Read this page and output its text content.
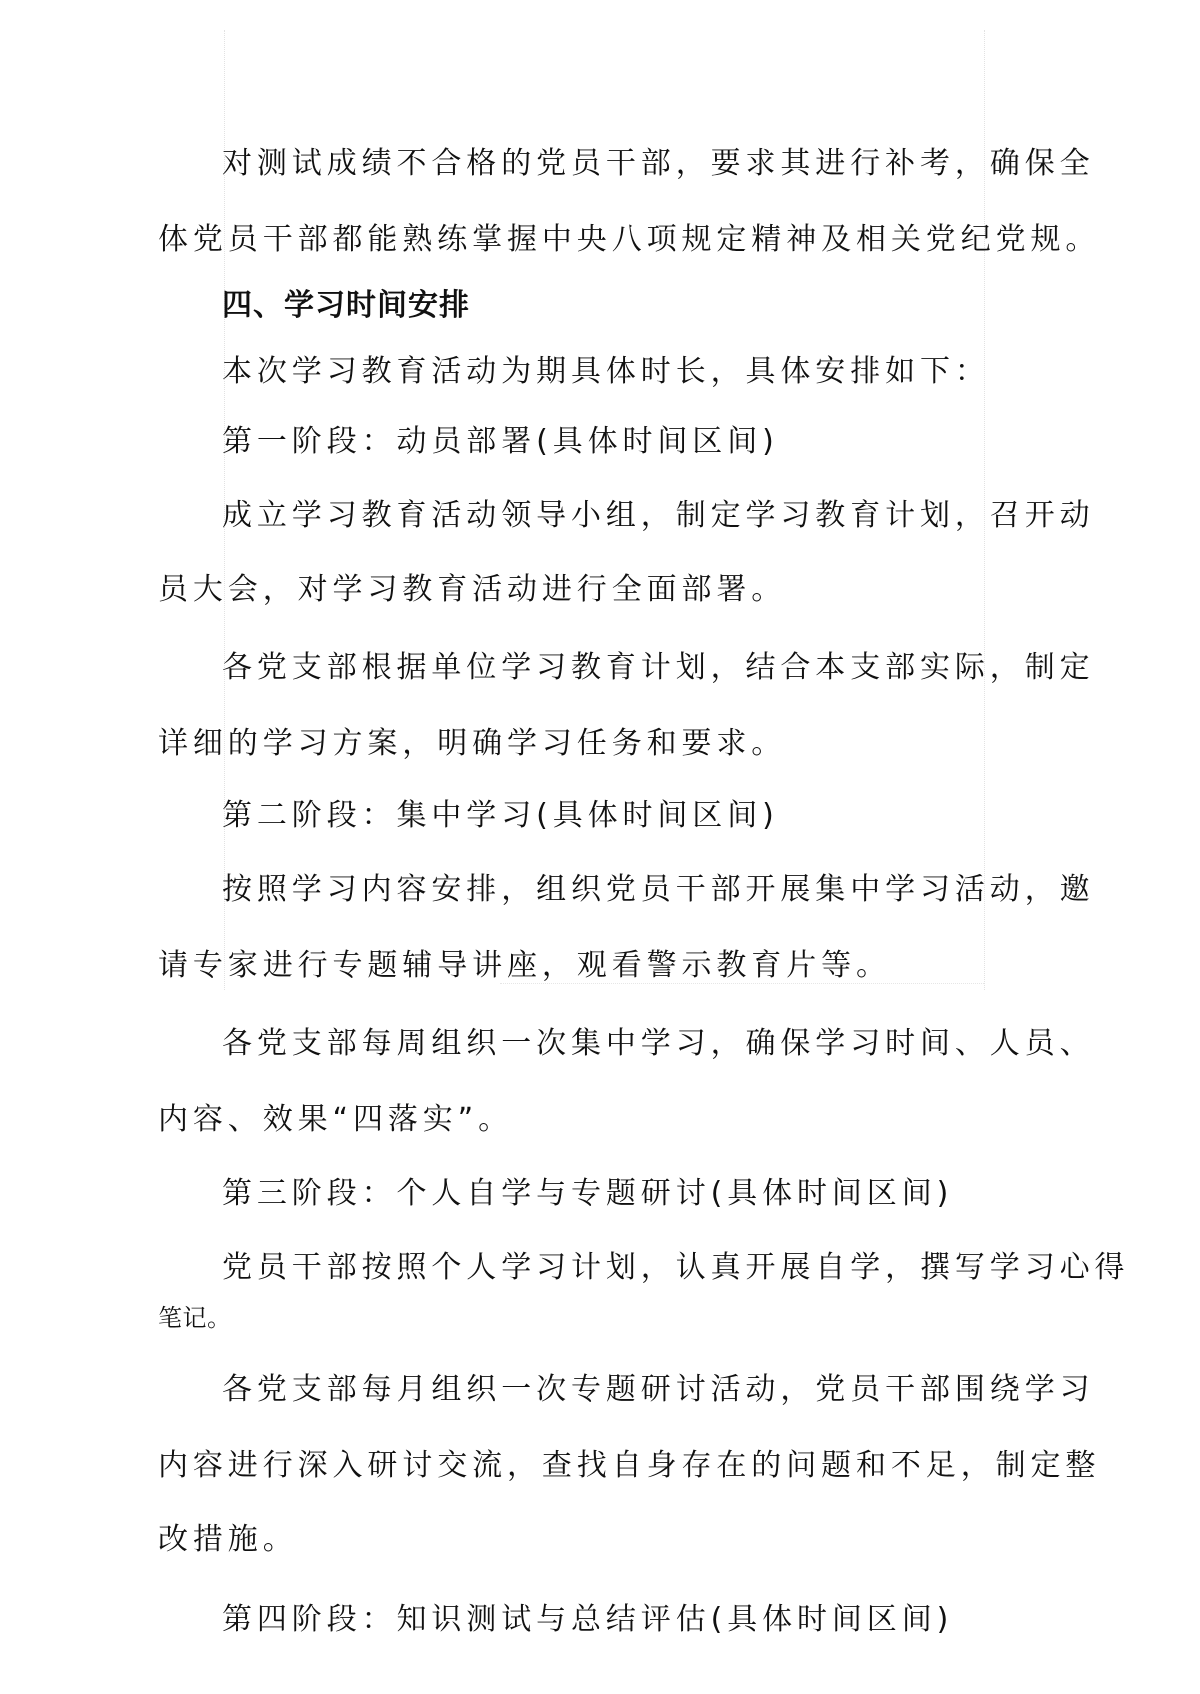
对测试成绩不合格的党员干部，要求其进行补考，确保全

体党员干部都能熟练掌握中央八项规定精神及相关党纪党规。

四、学习时间安排

本次学习教育活动为期具体时长，具体安排如下：

第一阶段：动员部署(具体时间区间)

成立学习教育活动领导小组，制定学习教育计划，召开动

员大会，对学习教育活动进行全面部署。

各党支部根据单位学习教育计划，结合本支部实际，制定

详细的学习方案，明确学习任务和要求。

第二阶段：集中学习(具体时间区间)

按照学习内容安排，组织党员干部开展集中学习活动，邀

请专家进行专题辅导讲座，观看警示教育片等。

各党支部每周组织一次集中学习，确保学习时间、人员、

内容、效果“四落实”。

第三阶段：个人自学与专题研讨(具体时间区间)

党员干部按照个人学习计划，认真开展自学，撰写学习心得

笔记。

各党支部每月组织一次专题研讨活动，党员干部围绕学习

内容进行深入研讨交流，查找自身存在的问题和不足，制定整

改措施。

第四阶段：知识测试与总结评估(具体时间区间)
